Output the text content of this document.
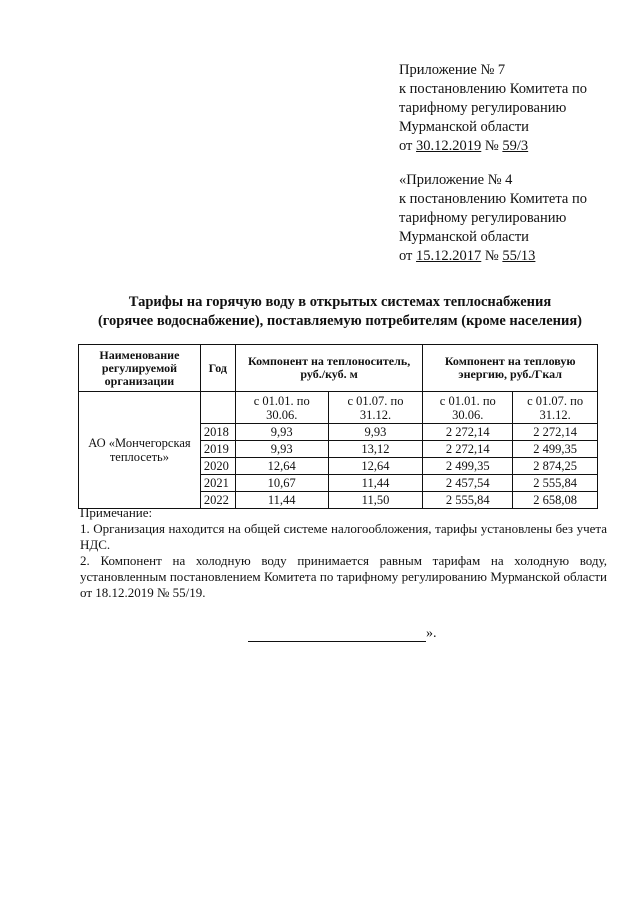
Приложение № 7
к постановлению Комитета по
тарифному регулированию
Мурманской области
от 30.12.2019 № 59/3
«Приложение № 4
к постановлению Комитета по
тарифному регулированию
Мурманской области
от 15.12.2017 № 55/13
Тарифы на горячую воду в открытых системах теплоснабжения
(горячее водоснабжение), поставляемую потребителям (кроме населения)
Наименование регулируемой организации	Год	Компонент на теплоноситель, руб./куб. м		Компонент на тепловую энергию, руб./Гкал	
АО «Мончегорская теплосеть»		с 01.01. по 30.06.	с 01.07. по 31.12.	с 01.01. по 30.06.	с 01.07. по 31.12.
	2018	9,93	9,93	2 272,14	2 272,14
	2019	9,93	13,12	2 272,14	2 499,35
	2020	12,64	12,64	2 499,35	2 874,25
	2021	10,67	11,44	2 457,54	2 555,84
	2022	11,44	11,50	2 555,84	2 658,08

Примечание:

1. Организация находится на общей системе налогообложения, тарифы установлены без учета НДС.

2. Компонент на холодную воду принимается равным тарифам на холодную воду, установленным постановлением Комитета по тарифному регулированию Мурманской области от 18.12.2019 № 55/19.

».
